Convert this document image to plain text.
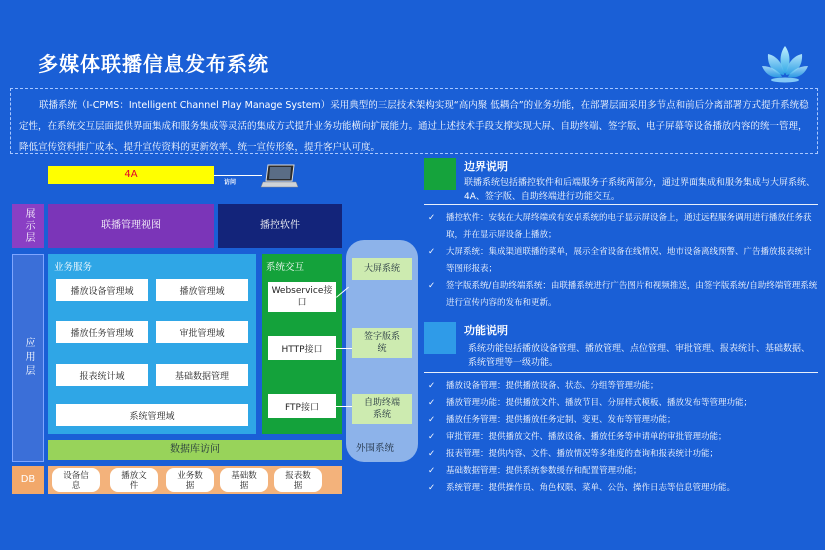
多媒体联播信息发布系统
联播系统（I-CPMS：Intelligent Channel Play Manage System）采用典型的三层技术架构实现“高内聚 低耦合”的业务功能，在部署层面采用多节点和前后分离部署方式提升系统稳定性，在系统交互层面提供界面集成和服务集成等灵活的集成方式提升业务功能横向扩展能力。通过上述技术手段支撑实现大屏、自助终端、签字版、电子屏幕等设备播放内容的统一管理，降低宣传资料推广成本、提升宣传资料的更新效率、统一宣传形象，提升客户认可度。
4A
访问
展示层
应用层
DB
联播管理视图	播控软件
业务服务
播放设备管理域	播放管理域
播放任务管理域	审批管理域
报表统计域	基础数据管理
系统管理域
系统交互
Webservice接口
HTTP接口
FTP接口
数据库访问
设备信息
播放文件
业务数据
基础数据
报表数据
外围系统
大屏系统
签字版系统
自助终端系统
边界说明
联播系统包括播控软件和后端服务子系统两部分，通过界面集成和服务集成与大屏系统、4A、签字版、自助终端进行功能交互。
✓ 播控软件：安装在大屏终端或有安卓系统的电子显示屏设备上，通过远程服务调用进行播放任务获取，并在显示屏设备上播放；
✓ 大屏系统：集成渠道联播的菜单，展示全省设备在线情况、地市设备离线预警、广告播放报表统计等图形报表；
✓ 签字版系统/自助终端系统：由联播系统进行广告图片和视频推送，由签字版系统/自助终端管理系统进行宣传内容的发布和更新。
功能说明
系统功能包括播放设备管理、播放管理、点位管理、审批管理、报表统计、基础数据、系统管理等一级功能。
✓ 播放设备管理：提供播放设备、状态、分组等管理功能；
✓ 播放管理功能：提供播放文件、播放节目、分屏样式模板、播放发布等管理功能；
✓ 播放任务管理：提供播放任务定制、变更、发布等管理功能；
✓ 审批管理：提供播放文件、播放设备、播放任务等申请单的审批管理功能；
✓ 报表管理：提供内容、文件、播放情况等多维度的查询和报表统计功能；
✓ 基础数据管理：提供系统参数缓存和配置管理功能；
✓ 系统管理：提供操作员、角色权限、菜单、公告、操作日志等信息管理功能。
